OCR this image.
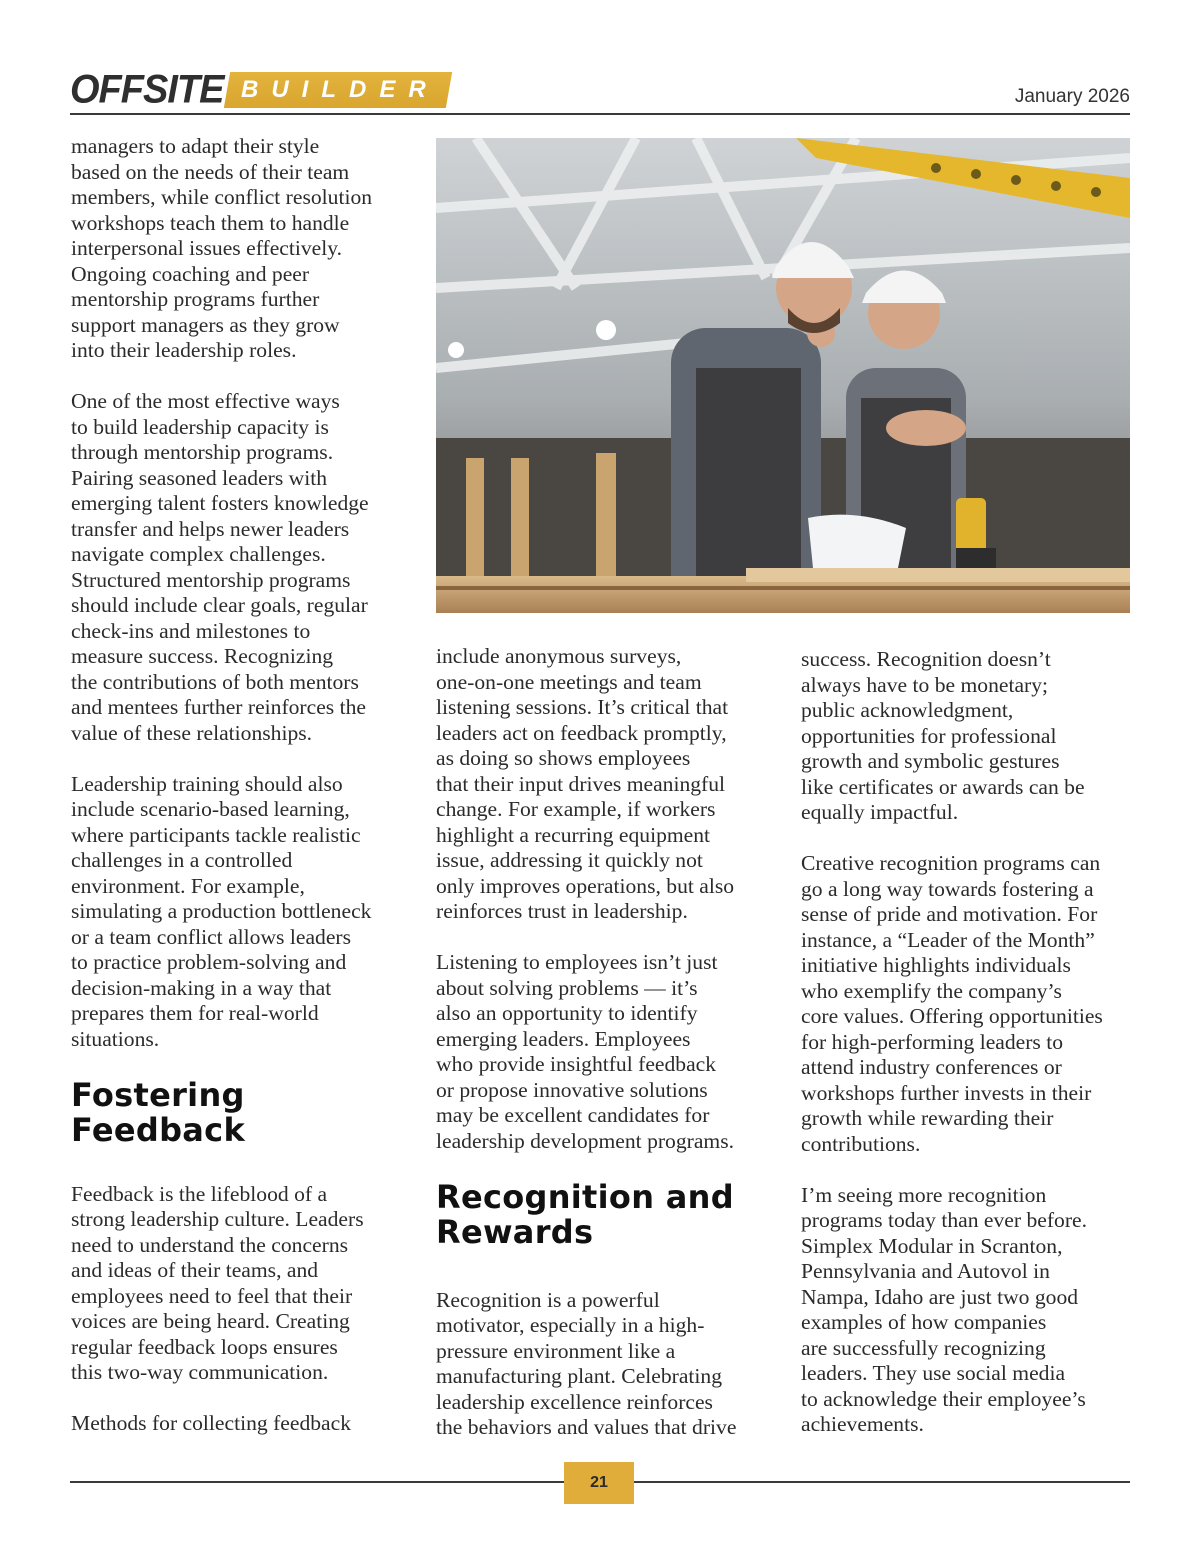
OFFSITE BUILDER	January 2026

managers to adapt their style
based on the needs of their team
members, while conflict resolution
workshops teach them to handle
interpersonal issues effectively.
Ongoing coaching and peer
mentorship programs further
support managers as they grow
into their leadership roles.

One of the most effective ways
to build leadership capacity is
through mentorship programs.
Pairing seasoned leaders with
emerging talent fosters knowledge
transfer and helps newer leaders
navigate complex challenges.
Structured mentorship programs
should include clear goals, regular
check-ins and milestones to
measure success. Recognizing
the contributions of both mentors
and mentees further reinforces the
value of these relationships.

Leadership training should also
include scenario-based learning,
where participants tackle realistic
challenges in a controlled
environment. For example,
simulating a production bottleneck
or a team conflict allows leaders
to practice problem-solving and
decision-making in a way that
prepares them for real-world
situations.

Fostering
Feedback

Feedback is the lifeblood of a
strong leadership culture. Leaders
need to understand the concerns
and ideas of their teams, and
employees need to feel that their
voices are being heard. Creating
regular feedback loops ensures
this two-way communication.

Methods for collecting feedback

include anonymous surveys,
one-on-one meetings and team
listening sessions. It’s critical that
leaders act on feedback promptly,
as doing so shows employees
that their input drives meaningful
change. For example, if workers
highlight a recurring equipment
issue, addressing it quickly not
only improves operations, but also
reinforces trust in leadership.

Listening to employees isn’t just
about solving problems — it’s
also an opportunity to identify
emerging leaders. Employees
who provide insightful feedback
or propose innovative solutions
may be excellent candidates for
leadership development programs.

Recognition and
Rewards

Recognition is a powerful
motivator, especially in a high-
pressure environment like a
manufacturing plant. Celebrating
leadership excellence reinforces
the behaviors and values that drive

success. Recognition doesn’t
always have to be monetary;
public acknowledgment,
opportunities for professional
growth and symbolic gestures
like certificates or awards can be
equally impactful.

Creative recognition programs can
go a long way towards fostering a
sense of pride and motivation. For
instance, a “Leader of the Month”
initiative highlights individuals
who exemplify the company’s
core values. Offering opportunities
for high-performing leaders to
attend industry conferences or
workshops further invests in their
growth while rewarding their
contributions.

I’m seeing more recognition
programs today than ever before.
Simplex Modular in Scranton,
Pennsylvania and Autovol in
Nampa, Idaho are just two good
examples of how companies
are successfully recognizing
leaders. They use social media
to acknowledge their employee’s
achievements.

21
